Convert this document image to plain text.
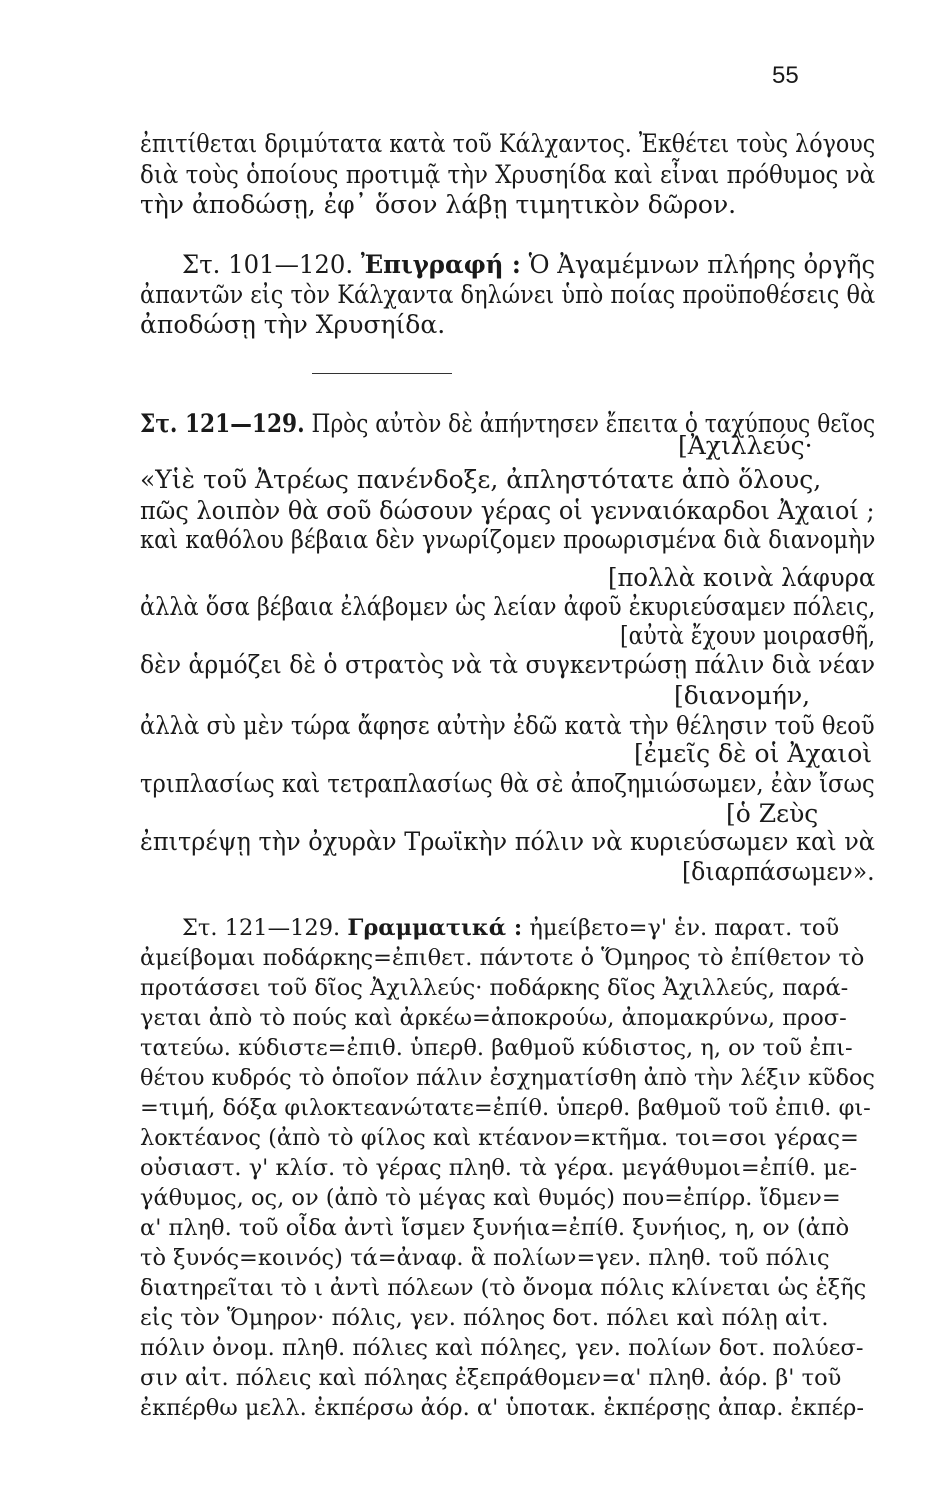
55
ἐπιτίθεται δριμύτατα κατὰ τοῦ Κάλχαντος. Ἐκθέτει τοὺς λόγους
διὰ τοὺς ὁποίους προτιμᾷ τὴν Χρυσηίδα καὶ εἶναι πρόθυμος νὰ
τὴν ἀποδώσῃ, ἐφ᾿ ὅσον λάβῃ τιμητικὸν δῶρον.
Στ. 101—120. Ἐπιγραφή : Ὁ Ἀγαμέμνων πλήρης ὀργῆς
ἀπαντῶν εἰς τὸν Κάλχαντα δηλώνει ὑπὸ ποίας προϋποθέσεις θὰ
ἀποδώσῃ τὴν Χρυσηίδα.
Στ. 121—129. Πρὸς αὐτὸν δὲ ἀπήντησεν ἔπειτα ὁ ταχύπους θεῖος
[Ἀχιλλεύς·
«Υἱὲ τοῦ Ἀτρέως πανένδοξε, ἀπληστότατε ἀπὸ ὅλους,
πῶς λοιπὸν θὰ σοῦ δώσουν γέρας οἱ γενναιόκαρδοι Ἀχαιοί ;
καὶ καθόλου βέβαια δὲν γνωρίζομεν προωρισμένα διὰ διανομὴν
[πολλὰ κοινὰ λάφυρα
ἀλλὰ ὅσα βέβαια ἐλάβομεν ὡς λείαν ἀφοῦ ἐκυριεύσαμεν πόλεις,
[αὐτὰ ἔχουν μοιρασθῆ,
δὲν ἁρμόζει δὲ ὁ στρατὸς νὰ τὰ συγκεντρώσῃ πάλιν διὰ νέαν
[διανομήν,
ἀλλὰ σὺ μὲν τώρα ἄφησε αὐτὴν ἐδῶ κατὰ τὴν θέλησιν τοῦ θεοῦ
[ἐμεῖς δὲ οἱ Ἀχαιοὶ
τριπλασίως καὶ τετραπλασίως θὰ σὲ ἀποζημιώσωμεν, ἐὰν ἴσως
[ὁ Ζεὺς
ἐπιτρέψῃ τὴν ὀχυρὰν Τρωϊκὴν πόλιν νὰ κυριεύσωμεν καὶ νὰ
[διαρπάσωμεν».
Στ. 121—129. Γραμματικά : ἠμείβετο=γ' ἑν. παρατ. τοῦ
ἀμείβομαι ποδάρκης=ἐπιθετ. πάντοτε ὁ Ὅμηρος τὸ ἐπίθετον τὸ
προτάσσει τοῦ δῖος Ἀχιλλεύς· ποδάρκης δῖος Ἀχιλλεύς, παρά-
γεται ἀπὸ τὸ πούς καὶ ἀρκέω=ἀποκρούω, ἀπομακρύνω, προσ-
τατεύω. κύδιστε=ἐπιθ. ὑπερθ. βαθμοῦ κύδιστος, η, ον τοῦ ἐπι-
θέτου κυδρός τὸ ὁποῖον πάλιν ἐσχηματίσθη ἀπὸ τὴν λέξιν κῦδος
=τιμή, δόξα φιλοκτεανώτατε=ἐπίθ. ὑπερθ. βαθμοῦ τοῦ ἐπιθ. φι-
λοκτέανος (ἀπὸ τὸ φίλος καὶ κτέανον=κτῆμα. τοι=σοι γέρας=
οὐσιαστ. γ' κλίσ. τὸ γέρας πληθ. τὰ γέρα. μεγάθυμοι=ἐπίθ. με-
γάθυμος, ος, ον (ἀπὸ τὸ μέγας καὶ θυμός) που=ἐπίρρ. ἴδμεν=
α' πληθ. τοῦ οἶδα ἀντὶ ἴσμεν ξυνήια=ἐπίθ. ξυνήιος, η, ον (ἀπὸ
τὸ ξυνός=κοινός) τά=ἀναφ. ἃ πολίων=γεν. πληθ. τοῦ πόλις
διατηρεῖται τὸ ι ἀντὶ πόλεων (τὸ ὄνομα πόλις κλίνεται ὡς ἑξῆς
εἰς τὸν Ὅμηρον· πόλις, γεν. πόληος δοτ. πόλει καὶ πόλῃ αἰτ.
πόλιν ὀνομ. πληθ. πόλιες καὶ πόληες, γεν. πολίων δοτ. πολύεσ-
σιν αἰτ. πόλεις καὶ πόληας ἐξεπράθομεν=α' πληθ. ἀόρ. β' τοῦ
ἐκπέρθω μελλ. ἐκπέρσω ἀόρ. α' ὑποτακ. ἐκπέρσῃς ἀπαρ. ἐκπέρ-
